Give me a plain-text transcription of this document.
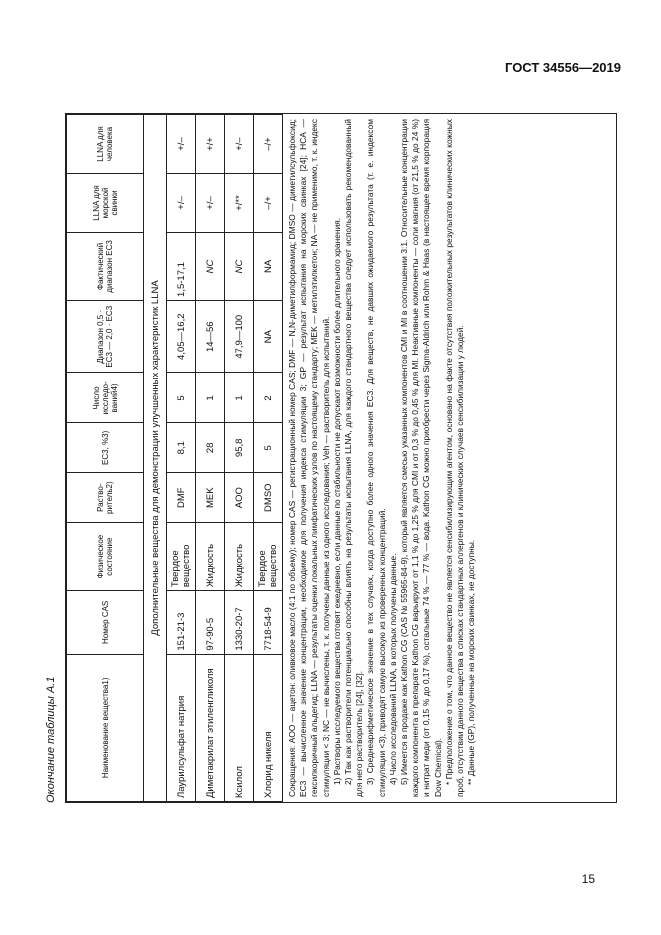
ГОСТ 34556—2019
Окончание таблицы А.1	Наименование вещества1)	Номер CAS	Физическое состояние	Раство-ритель2)	EC3, %3)	Число исследо-ваний4)	Диапазон 0,5 · EC3 — 2,0 · EC3	Фактический диапазон EC3	LLNA для морской свинки	LLNA для человека
Дополнительные вещества для демонстрации улучшенных характеристик LLNA									
Лаурилсульфат натрия	151-21-3	Твердое вещество	DMF	8,1	5	4,05—16,2	1,5-17,1	+/–	+/–
Диметакрилат этиленгликоля	97-90-5	Жидкость	MEK	28	1	14—56	NC	+/–	+/+
Ксилол	1330-20-7	Жидкость	AOO	95,8	1	47,9—100	NC	+/**	+/–
Хлорид никеля	7718-54-9	Твердое вещество	DMSO	5	2	NA	NA	–/+	–/+ Сокращения: AOO — ацетон: оливковое масло (4:1 по объему); номер CAS — регистрационный номер CAS; DMF — N,N-диметилформамид; DMSO — диметилсульфоксид; EC3 — вычисленное значение концентрации, необходимое для получения индекса стимуляции 3; GP — результат испытания на морских свинках [24]; HCA — гексилкоричный альдегид; LLNA — результаты оценки локальных лимфатических узлов по настоящему стандарту; MEK — метилэтилкетон; NA — не применимо, т. к. индекс стимуляции < 3; NC — не вычислены, т. к. получены данные из одного исследования; Veh — растворитель для испытаний. 1) Растворы исследуемого вещества готовят ежедневно, если данные по стабильности не допускают возможности более длительного хранения. 2) Так как растворители потенциально способны влиять на результаты испытания LLNA, для каждого стандартного вещества следует использовать рекомендованный для него растворитель [24], [32]. 3) Среднеарифметическое значение в тех случаях, когда доступно более одного значения EC3. Для веществ, не давших ожидаемого результата (т. е. индексом стимуляции <3), приводят самую высокую из проверенных концентраций. 4) Число исследований LLNA, в которых получены данные. 5) Имеется в продаже как Kathon CG (CAS № 55965-84-9), который является смесью указанных компонентов CMI и MI в соотношении 3:1. Относительные концентрации каждого компонента в препарате Kathon CG варьируют от 1,1 % до 1,25 % для CMI и от 0,3 % до 0,45 % для MI. Неактивные компоненты — соли магния (от 21,5 % до 24 %) и нитрат меди (от 0,15 % до 0,17 %), остальные 74 % — 77 % — вода. Kathon CG можно приобрести через Sigma-Aldrich или Rohm & Haas (в настоящее время корпорация Dow Chemical). * Предположение о том, что данное вещество не является сенсибилизирующим агентом, основано на факте отсутствия положительных результатов клинических кожных проб, отсутствии данного вещества в списках стандартных аллергенов и клинических случаев сенсибилизации у людей. ** Данные (GP), полученные на морских свинках, не доступны.

15
